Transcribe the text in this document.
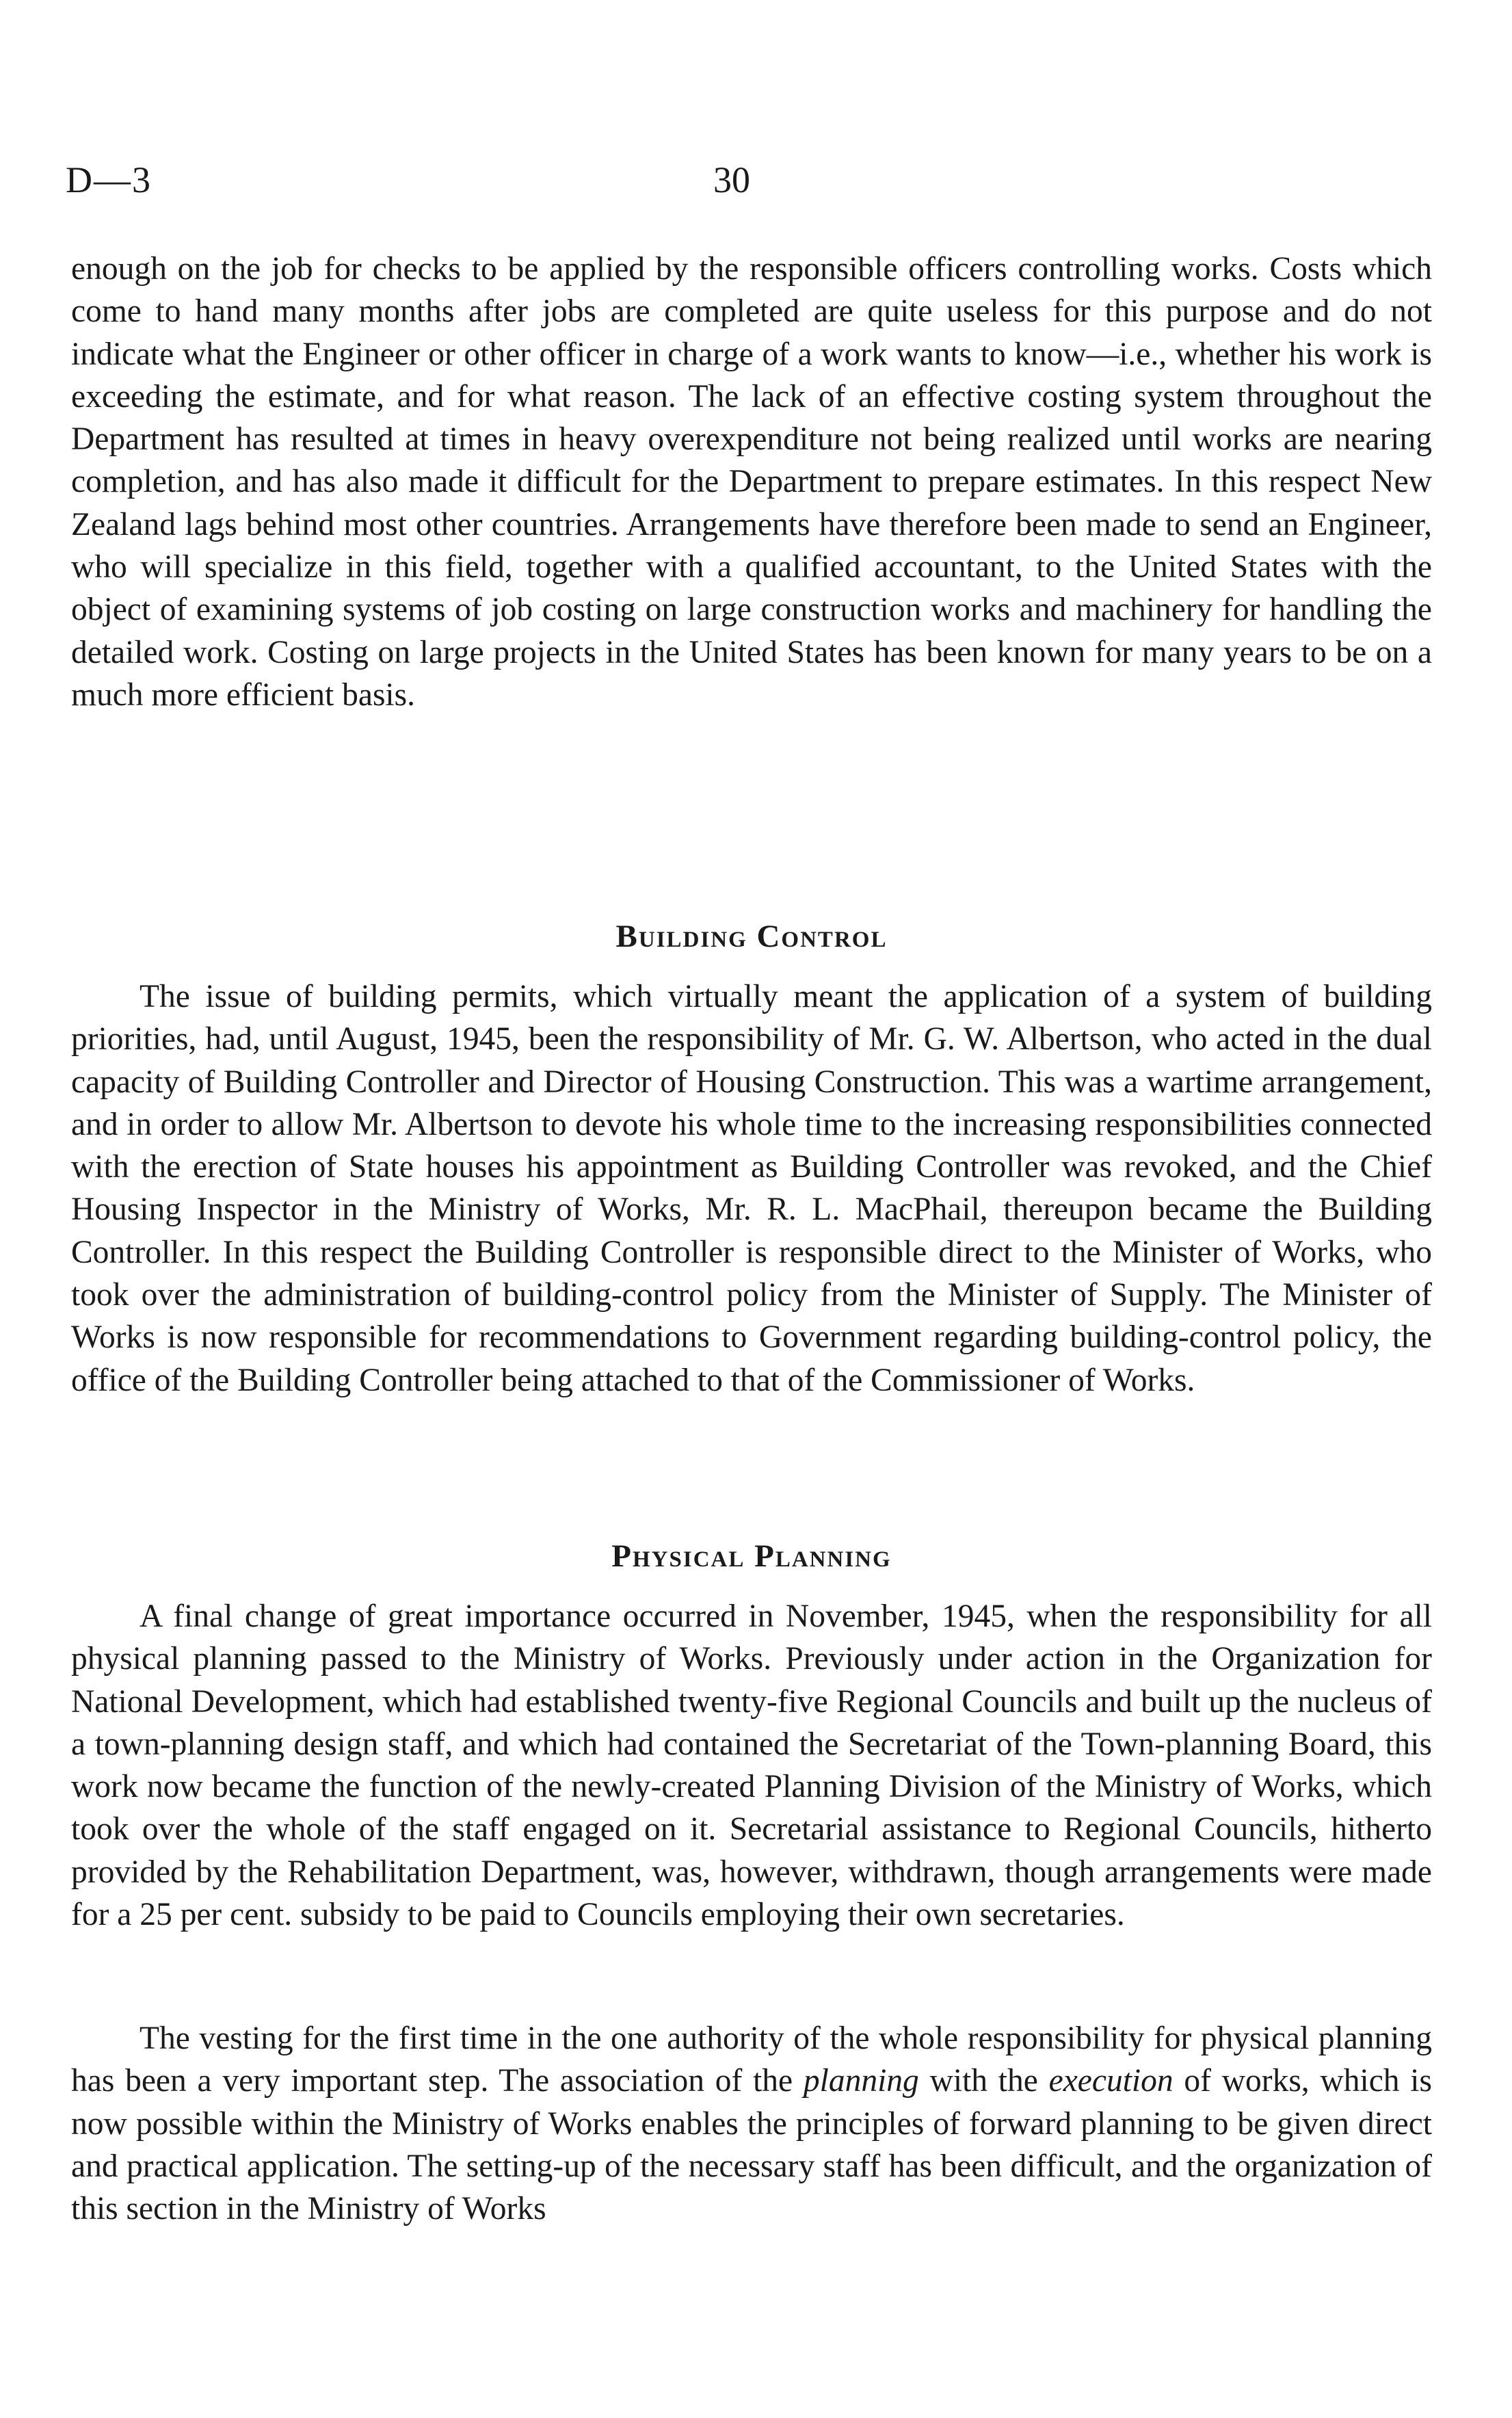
D—3	30

enough on the job for checks to be applied by the responsible officers controlling works. Costs which come to hand many months after jobs are completed are quite useless for this purpose and do not indicate what the Engineer or other officer in charge of a work wants to know—i.e., whether his work is exceeding the estimate, and for what reason. The lack of an effective costing system throughout the Department has resulted at times in heavy overexpenditure not being realized until works are nearing completion, and has also made it difficult for the Department to prepare estimates. In this respect New Zealand lags behind most other countries. Arrangements have therefore been made to send an Engineer, who will specialize in this field, together with a qualified accountant, to the United States with the object of examining systems of job costing on large construction works and machinery for handling the detailed work. Costing on large projects in the United States has been known for many years to be on a much more efficient basis.

Building Control

The issue of building permits, which virtually meant the application of a system of building priorities, had, until August, 1945, been the responsibility of Mr. G. W. Albertson, who acted in the dual capacity of Building Controller and Director of Housing Construction. This was a wartime arrangement, and in order to allow Mr. Albertson to devote his whole time to the increasing responsibilities connected with the erection of State houses his appointment as Building Controller was revoked, and the Chief Housing Inspector in the Ministry of Works, Mr. R. L. MacPhail, thereupon became the Building Controller. In this respect the Building Controller is responsible direct to the Minister of Works, who took over the administration of building-control policy from the Minister of Supply. The Minister of Works is now responsible for recommendations to Government regarding building-control policy, the office of the Building Controller being attached to that of the Commissioner of Works.

Physical Planning

A final change of great importance occurred in November, 1945, when the responsibility for all physical planning passed to the Ministry of Works. Previously under action in the Organization for National Development, which had established twenty-five Regional Councils and built up the nucleus of a town-planning design staff, and which had contained the Secretariat of the Town-planning Board, this work now became the function of the newly-created Planning Division of the Ministry of Works, which took over the whole of the staff engaged on it. Secretarial assistance to Regional Councils, hitherto provided by the Rehabilitation Department, was, however, withdrawn, though arrangements were made for a 25 per cent. subsidy to be paid to Councils employing their own secretaries.

The vesting for the first time in the one authority of the whole responsibility for physical planning has been a very important step. The association of the planning with the execution of works, which is now possible within the Ministry of Works enables the principles of forward planning to be given direct and practical application. The setting-up of the necessary staff has been difficult, and the organization of this section in the Ministry of Works
